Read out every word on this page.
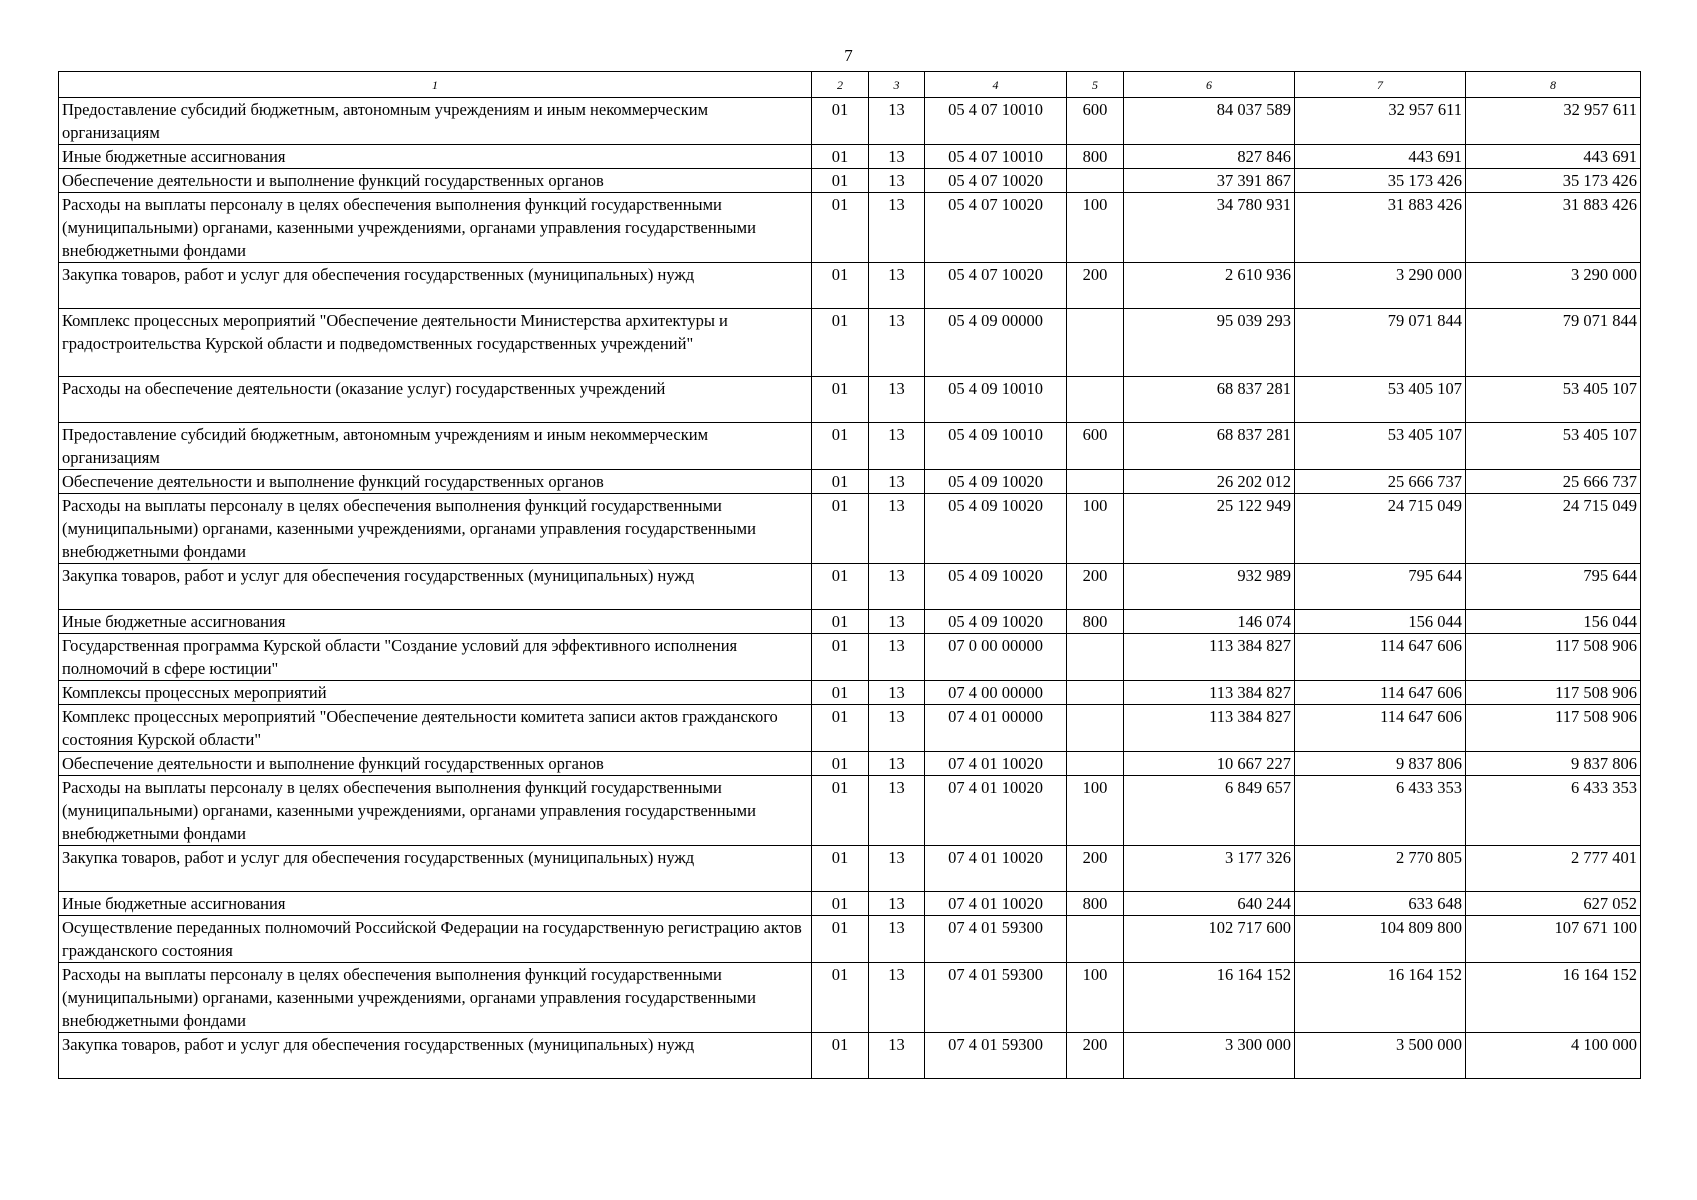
7
1	2	3	4	5	6	7	8
Предоставление субсидий бюджетным, автономным учреждениям и иным некоммерческим организациям	01	13	05 4 07 10010	600	84 037 589	32 957 611	32 957 611
Иные бюджетные ассигнования	01	13	05 4 07 10010	800	827 846	443 691	443 691
Обеспечение деятельности и выполнение функций государственных органов	01	13	05 4 07 10020		37 391 867	35 173 426	35 173 426
Расходы на выплаты персоналу в целях обеспечения выполнения функций государственными (муниципальными) органами, казенными учреждениями, органами управления государственными внебюджетными фондами	01	13	05 4 07 10020	100	34 780 931	31 883 426	31 883 426
Закупка товаров, работ и услуг для обеспечения государственных (муниципальных) нужд	01	13	05 4 07 10020	200	2 610 936	3 290 000	3 290 000
Комплекс процессных мероприятий "Обеспечение деятельности Министерства архитектуры и градостроительства Курской области и подведомственных государственных учреждений"	01	13	05 4 09 00000		95 039 293	79 071 844	79 071 844
Расходы на обеспечение деятельности (оказание услуг) государственных учреждений	01	13	05 4 09 10010		68 837 281	53 405 107	53 405 107
Предоставление субсидий бюджетным, автономным учреждениям и иным некоммерческим организациям	01	13	05 4 09 10010	600	68 837 281	53 405 107	53 405 107
Обеспечение деятельности и выполнение функций государственных органов	01	13	05 4 09 10020		26 202 012	25 666 737	25 666 737
Расходы на выплаты персоналу в целях обеспечения выполнения функций государственными (муниципальными) органами, казенными учреждениями, органами управления государственными внебюджетными фондами	01	13	05 4 09 10020	100	25 122 949	24 715 049	24 715 049
Закупка товаров, работ и услуг для обеспечения государственных (муниципальных) нужд	01	13	05 4 09 10020	200	932 989	795 644	795 644
Иные бюджетные ассигнования	01	13	05 4 09 10020	800	146 074	156 044	156 044
Государственная программа Курской области "Создание условий для эффективного исполнения полномочий в сфере юстиции"	01	13	07 0 00 00000		113 384 827	114 647 606	117 508 906
Комплексы процессных мероприятий	01	13	07 4 00 00000		113 384 827	114 647 606	117 508 906
Комплекс процессных мероприятий "Обеспечение деятельности комитета записи актов гражданского состояния Курской области"	01	13	07 4 01 00000		113 384 827	114 647 606	117 508 906
Обеспечение деятельности и выполнение функций государственных органов	01	13	07 4 01 10020		10 667 227	9 837 806	9 837 806
Расходы на выплаты персоналу в целях обеспечения выполнения функций государственными (муниципальными) органами, казенными учреждениями, органами управления государственными внебюджетными фондами	01	13	07 4 01 10020	100	6 849 657	6 433 353	6 433 353
Закупка товаров, работ и услуг для обеспечения государственных (муниципальных) нужд	01	13	07 4 01 10020	200	3 177 326	2 770 805	2 777 401
Иные бюджетные ассигнования	01	13	07 4 01 10020	800	640 244	633 648	627 052
Осуществление переданных полномочий Российской Федерации на государственную регистрацию актов гражданского состояния	01	13	07 4 01 59300		102 717 600	104 809 800	107 671 100
Расходы на выплаты персоналу в целях обеспечения выполнения функций государственными (муниципальными) органами, казенными учреждениями, органами управления государственными внебюджетными фондами	01	13	07 4 01 59300	100	16 164 152	16 164 152	16 164 152
Закупка товаров, работ и услуг для обеспечения государственных (муниципальных) нужд	01	13	07 4 01 59300	200	3 300 000	3 500 000	4 100 000
